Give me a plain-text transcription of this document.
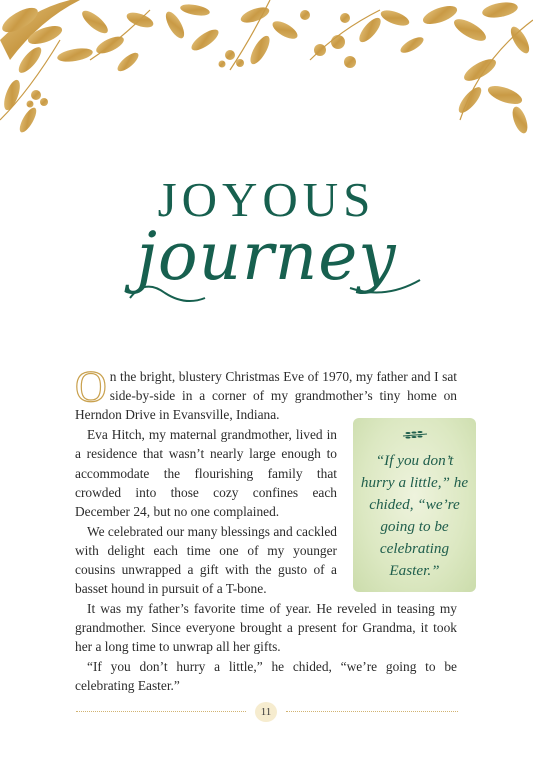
JOYOUS
journey

On the bright, blustery Christmas Eve of 1970, my father and I sat side-by-side in a corner of my grandmother’s tiny home on Herndon Drive in Evansville, Indiana.

Eva Hitch, my maternal grandmother, lived in a residence that wasn’t nearly large enough to accommodate the flourishing family that crowded into those cozy confines each December 24, but no one complained.

We celebrated our many blessings and cackled with delight each time one of my younger cousins unwrapped a gift with the gusto of a basset hound in pursuit of a T-bone.

It was my father’s favorite time of year. He reveled in teasing my grandmother. Since everyone brought a present for Grandma, it took her a long time to unwrap all her gifts.

“If you don’t hurry a little,” he chided, “we’re going to be celebrating Easter.”

“If you don’t hurry a little,” he chided, “we’re going to be celebrating Easter.”
11
